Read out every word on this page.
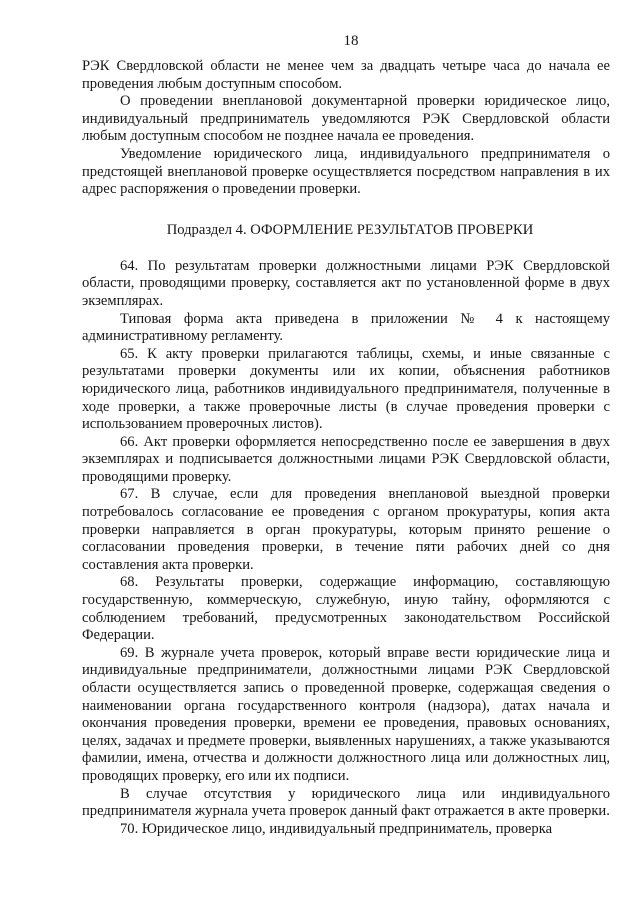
18

РЭК Свердловской области не менее чем за двадцать четыре часа до начала ее проведения любым доступным способом.

О проведении внеплановой документарной проверки юридическое лицо, индивидуальный предприниматель уведомляются РЭК Свердловской области любым доступным способом не позднее начала ее проведения.

Уведомление юридического лица, индивидуального предпринимателя о предстоящей внеплановой проверке осуществляется посредством направления в их адрес распоряжения о проведении проверки.

Подраздел 4. ОФОРМЛЕНИЕ РЕЗУЛЬТАТОВ ПРОВЕРКИ

64. По результатам проверки должностными лицами РЭК Свердловской области, проводящими проверку, составляется акт по установленной форме в двух экземплярах.

Типовая форма акта приведена в приложении № 4 к настоящему административному регламенту.

65. К акту проверки прилагаются таблицы, схемы, и иные связанные с результатами проверки документы или их копии, объяснения работников юридического лица, работников индивидуального предпринимателя, полученные в ходе проверки, а также проверочные листы (в случае проведения проверки с использованием проверочных листов).

66. Акт проверки оформляется непосредственно после ее завершения в двух экземплярах и подписывается должностными лицами РЭК Свердловской области, проводящими проверку.

67. В случае, если для проведения внеплановой выездной проверки потребовалось согласование ее проведения с органом прокуратуры, копия акта проверки направляется в орган прокуратуры, которым принято решение о согласовании проведения проверки, в течение пяти рабочих дней со дня составления акта проверки.

68. Результаты проверки, содержащие информацию, составляющую государственную, коммерческую, служебную, иную тайну, оформляются с соблюдением требований, предусмотренных законодательством Российской Федерации.

69. В журнале учета проверок, который вправе вести юридические лица и индивидуальные предприниматели, должностными лицами РЭК Свердловской области осуществляется запись о проведенной проверке, содержащая сведения о наименовании органа государственного контроля (надзора), датах начала и окончания проведения проверки, времени ее проведения, правовых основаниях, целях, задачах и предмете проверки, выявленных нарушениях, а также указываются фамилии, имена, отчества и должности должностного лица или должностных лиц, проводящих проверку, его или их подписи.

В случае отсутствия у юридического лица или индивидуального предпринимателя журнала учета проверок данный факт отражается в акте проверки.

70. Юридическое лицо, индивидуальный предприниматель, проверка
